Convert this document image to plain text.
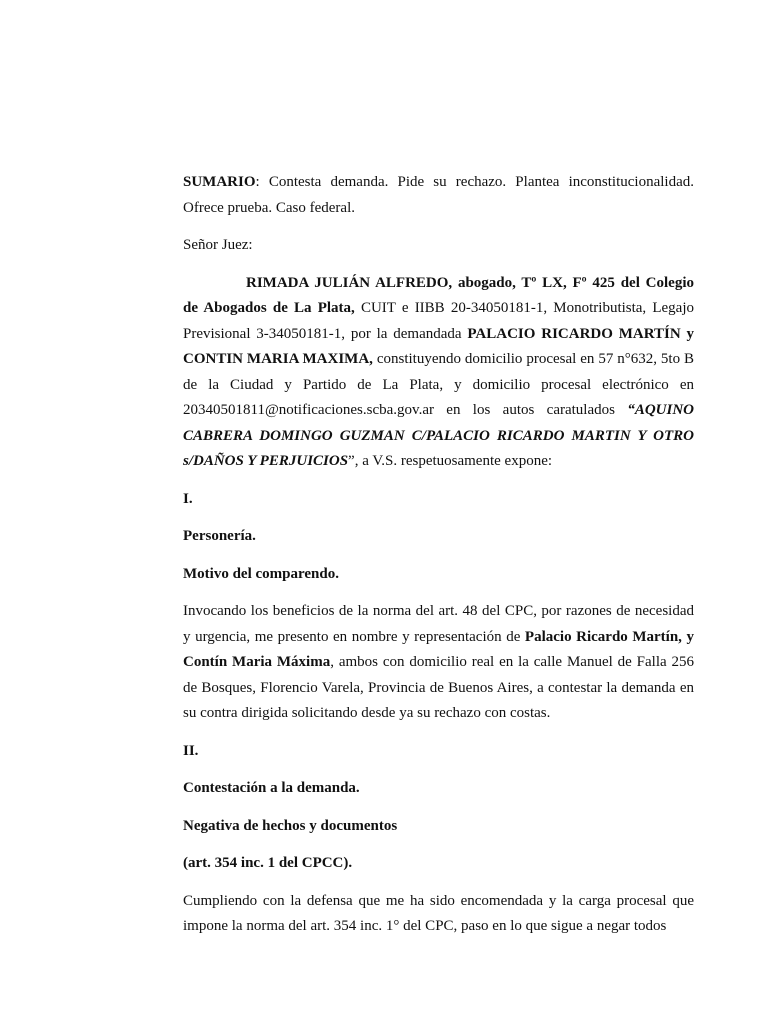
SUMARIO: Contesta demanda. Pide su rechazo. Plantea inconstitucionalidad. Ofrece prueba. Caso federal.

Señor Juez:

RIMADA JULIÁN ALFREDO, abogado, Tº LX, Fº 425 del Colegio de Abogados de La Plata, CUIT e IIBB 20-34050181-1, Monotributista, Legajo Previsional 3-34050181-1, por la demandada PALACIO RICARDO MARTÍN y CONTIN MARIA MAXIMA, constituyendo domicilio procesal en 57 n°632, 5to B de la Ciudad y Partido de La Plata, y domicilio procesal electrónico en 20340501811@notificaciones.scba.gov.ar en los autos caratulados “AQUINO CABRERA DOMINGO GUZMAN C/PALACIO RICARDO MARTIN Y OTRO s/DAÑOS Y PERJUICIOS”, a V.S. respetuosamente expone:

I.

Personería.

Motivo del comparendo.

Invocando los beneficios de la norma del art. 48 del CPC, por razones de necesidad y urgencia, me presento en nombre y representación de Palacio Ricardo Martín, y Contín Maria Máxima, ambos con domicilio real en la calle Manuel de Falla 256 de Bosques, Florencio Varela, Provincia de Buenos Aires, a contestar la demanda en su contra dirigida solicitando desde ya su rechazo con costas.

II.

Contestación a la demanda.

Negativa de hechos y documentos

(art. 354 inc. 1 del CPCC).

Cumpliendo con la defensa que me ha sido encomendada y la carga procesal que impone la norma del art. 354 inc. 1° del CPC, paso en lo que sigue a negar todos
